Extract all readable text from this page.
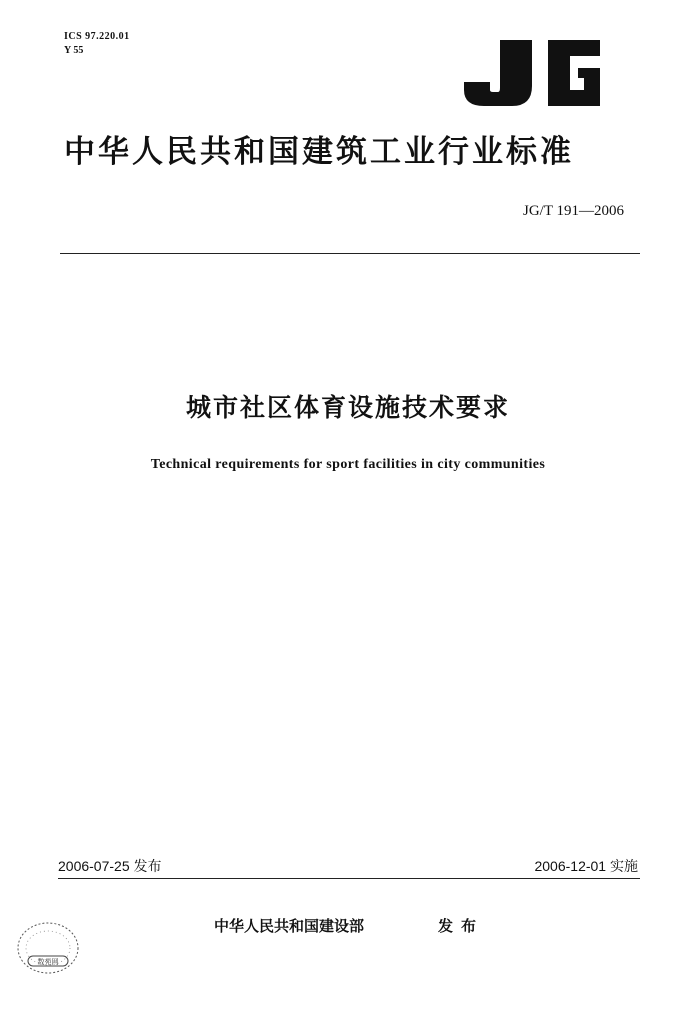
ICS 97.220.01
Y 55
中华人民共和国建筑工业行业标准
JG/T 191—2006
城市社区体育设施技术要求
Technical requirements for sport facilities in city communities
2006-07-25 发布	2006-12-01 实施
中华人民共和国建设部	发布
数苑网
